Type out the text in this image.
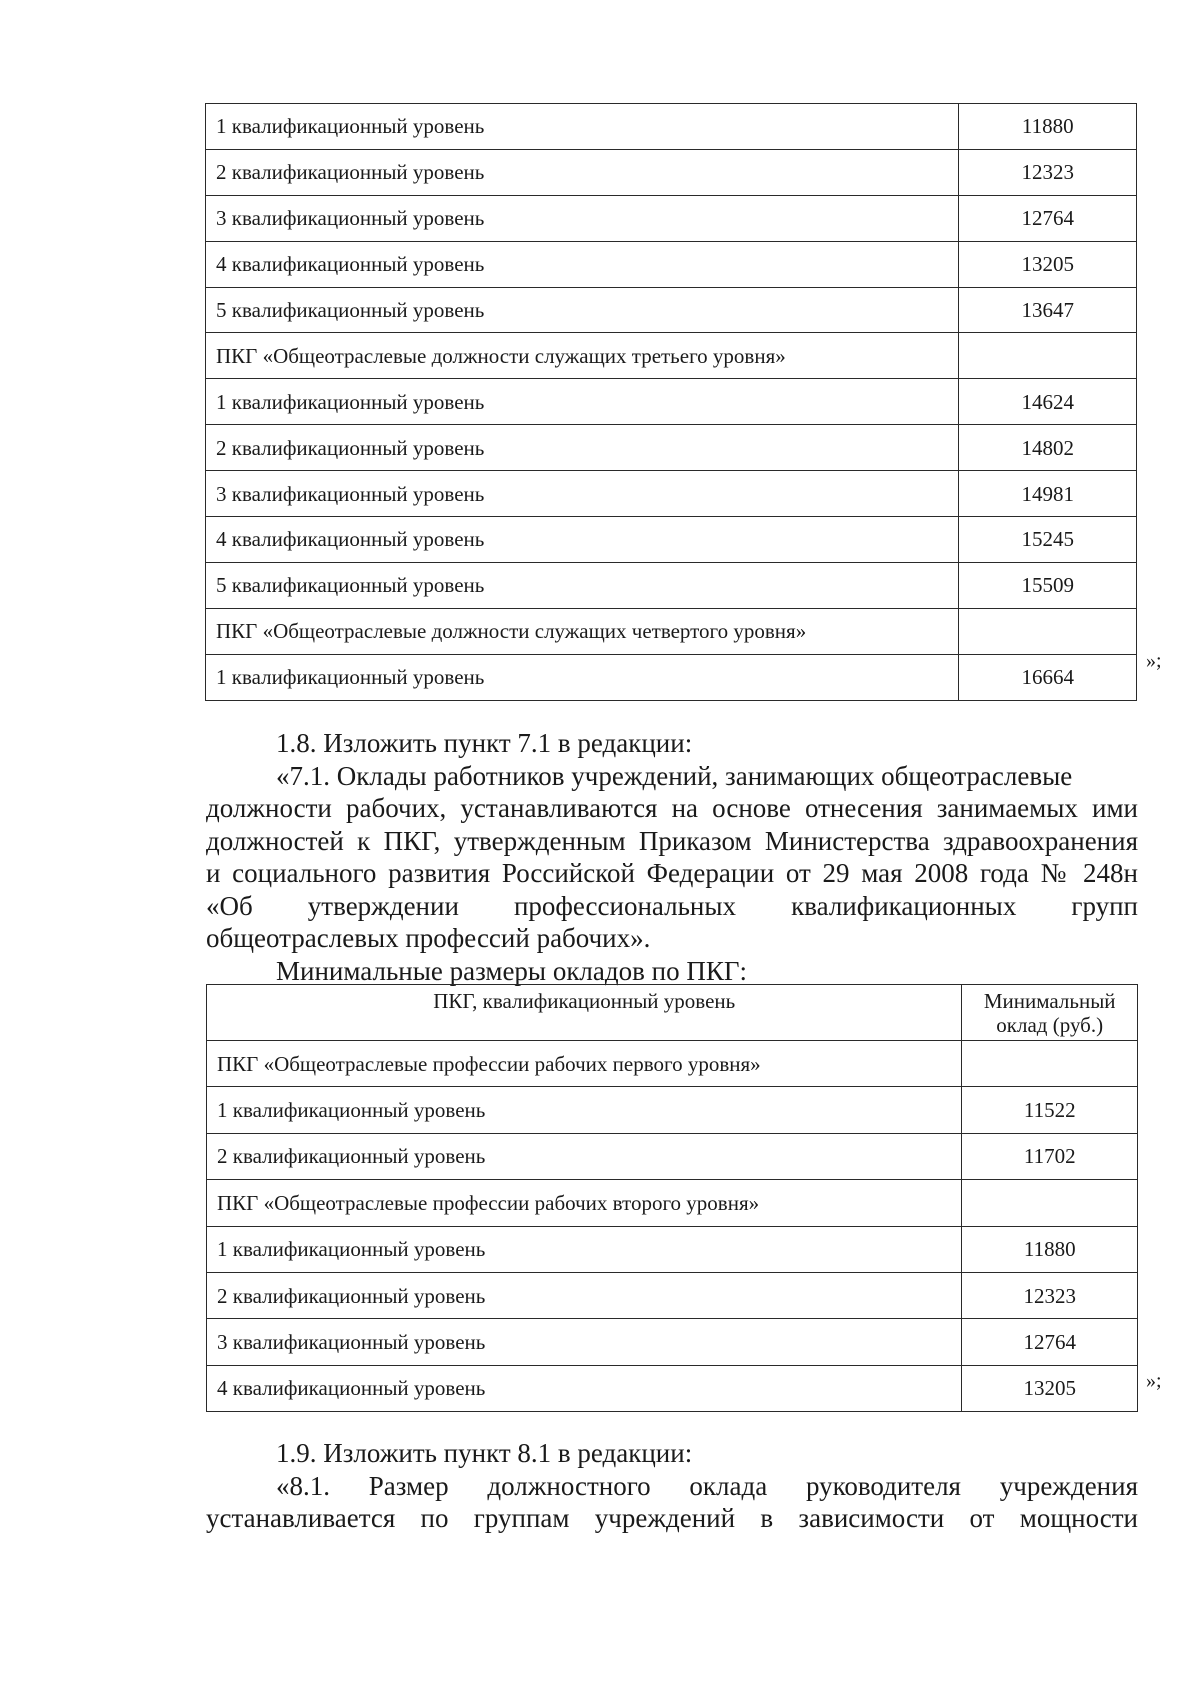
1 квалификационный уровень	11880
2 квалификационный уровень	12323
3 квалификационный уровень	12764
4 квалификационный уровень	13205
5 квалификационный уровень	13647
ПКГ «Общеотраслевые должности служащих третьего уровня»	
1 квалификационный уровень	14624
2 квалификационный уровень	14802
3 квалификационный уровень	14981
4 квалификационный уровень	15245
5 квалификационный уровень	15509
ПКГ «Общеотраслевые должности служащих четвертого уровня»	
1 квалификационный уровень	16664
»;
1.8. Изложить пункт 7.1 в редакции:
«7.1. Оклады работников учреждений, занимающих общеотраслевые
должности рабочих, устанавливаются на основе отнесения занимаемых ими
должностей к ПКГ, утвержденным Приказом Министерства здравоохранения
и социального развития Российской Федерации от 29 мая 2008 года № 248н
«Об утверждении профессиональных квалификационных групп
общеотраслевых профессий рабочих».
Минимальные размеры окладов по ПКГ:
ПКГ, квалификационный уровень	Минимальный оклад (руб.)
ПКГ «Общеотраслевые профессии рабочих первого уровня»	
1 квалификационный уровень	11522
2 квалификационный уровень	11702
ПКГ «Общеотраслевые профессии рабочих второго уровня»	
1 квалификационный уровень	11880
2 квалификационный уровень	12323
3 квалификационный уровень	12764
4 квалификационный уровень	13205	»;
1.9. Изложить пункт 8.1 в редакции:
«8.1. Размер должностного оклада руководителя учреждения
устанавливается по группам учреждений в зависимости от мощности
